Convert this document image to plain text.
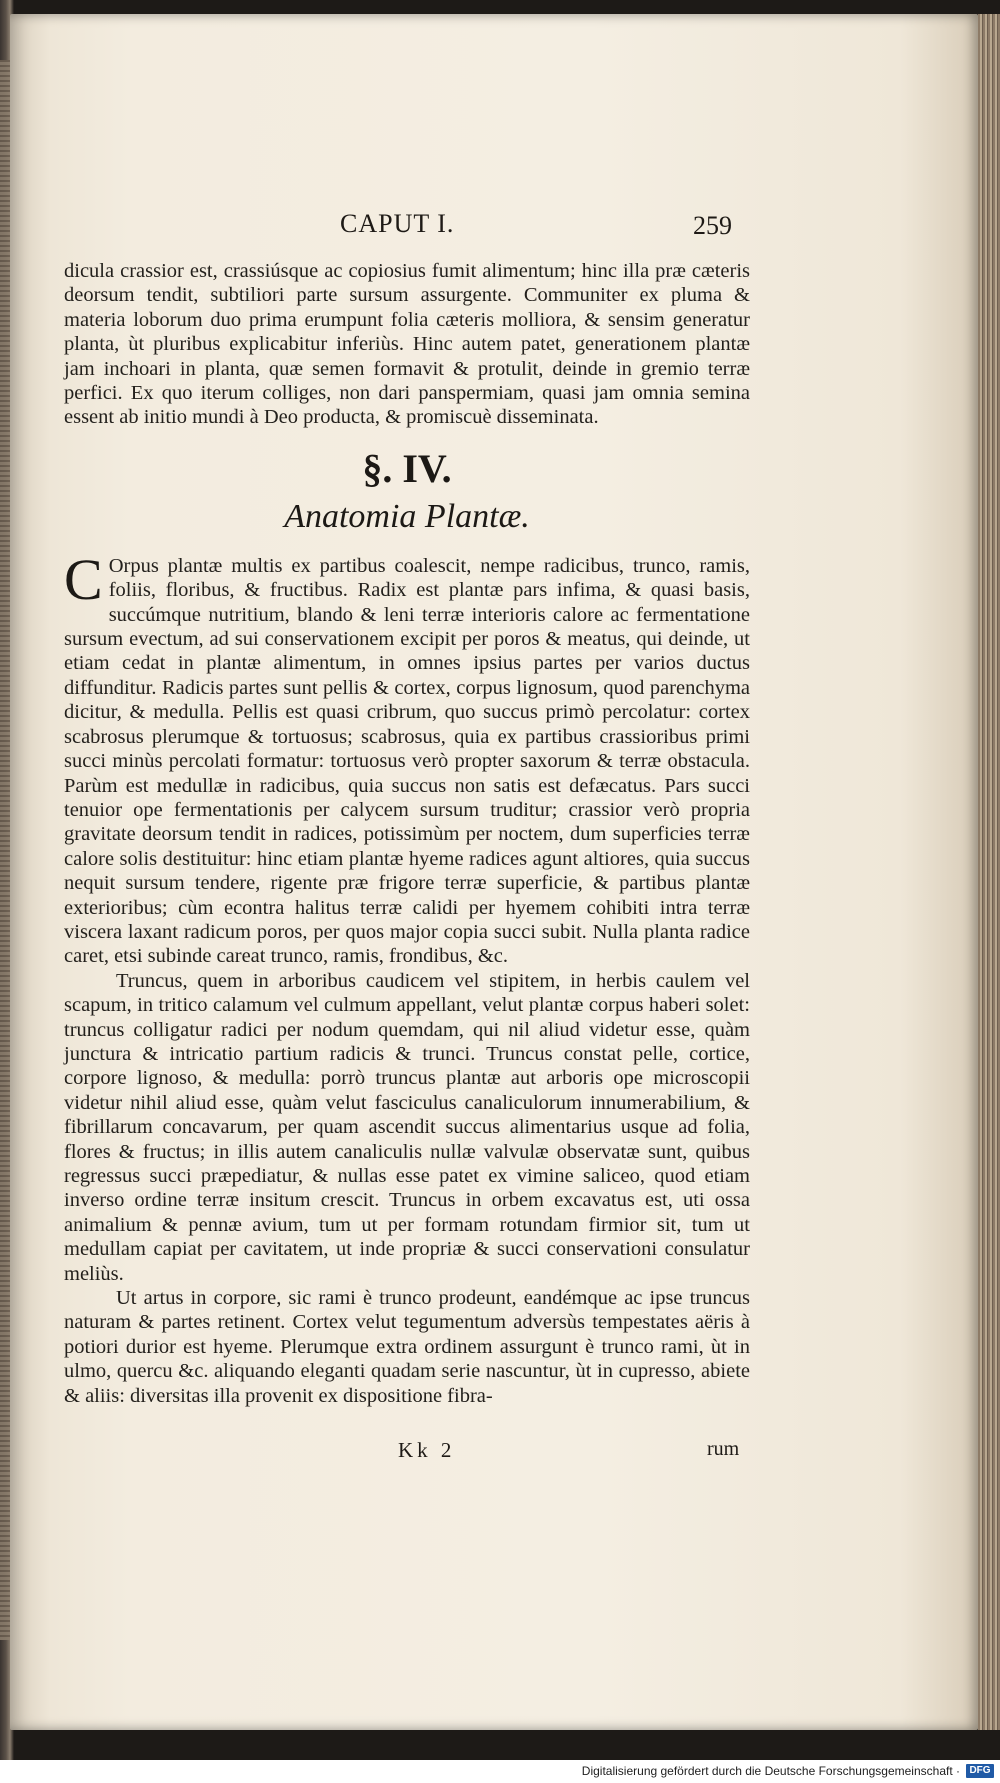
CAPUT I.	259

dicula crassior est, crassiúsque ac copiosius fumit alimentum; hinc illa præ cæteris deorsum tendit, subtiliori parte sursum assurgente. Communiter ex pluma & materia loborum duo prima erumpunt folia cæteris molliora, & sensim generatur planta, ùt pluribus explicabitur inferiùs. Hinc autem patet, generationem plantæ jam inchoari in planta, quæ semen formavit & protulit, deinde in gremio terræ perfici. Ex quo iterum colliges, non dari panspermiam, quasi jam omnia semina essent ab initio mundi à Deo producta, & promiscuè disseminata.

§. IV.
Anatomia Plantæ.

C Orpus plantæ multis ex partibus coalescit, nempe radicibus, trunco, ramis, foliis, floribus, & fructibus. Radix est plantæ pars infima, & quasi basis, succúmque nutritium, blando & leni terræ interioris calore ac fermentatione sursum evectum, ad sui conservationem excipit per poros & meatus, qui deinde, ut etiam cedat in plantæ alimentum, in omnes ipsius partes per varios ductus diffunditur. Radicis partes sunt pellis & cortex, corpus lignosum, quod parenchyma dicitur, & medulla. Pellis est quasi cribrum, quo succus primò percolatur: cortex scabrosus plerumque & tortuosus; scabrosus, quia ex partibus crassioribus primi succi minùs percolati formatur: tortuosus verò propter saxorum & terræ obstacula. Parùm est medullæ in radicibus, quia succus non satis est defæcatus. Pars succi tenuior ope fermentationis per calycem sursum truditur; crassior verò propria gravitate deorsum tendit in radices, potissimùm per noctem, dum superficies terræ calore solis destituitur: hinc etiam plantæ hyeme radices agunt altiores, quia succus nequit sursum tendere, rigente præ frigore terræ superficie, & partibus plantæ exterioribus; cùm econtra halitus terræ calidi per hyemem cohibiti intra terræ viscera laxant radicum poros, per quos major copia succi subit. Nulla planta radice caret, etsi subinde careat trunco, ramis, frondibus, &c.

Truncus, quem in arboribus caudicem vel stipitem, in herbis caulem vel scapum, in tritico calamum vel culmum appellant, velut plantæ corpus haberi solet: truncus colligatur radici per nodum quemdam, qui nil aliud videtur esse, quàm junctura & intricatio partium radicis & trunci. Truncus constat pelle, cortice, corpore lignoso, & medulla: porrò truncus plantæ aut arboris ope microscopii videtur nihil aliud esse, quàm velut fasciculus canaliculorum innumerabilium, & fibrillarum concavarum, per quam ascendit succus alimentarius usque ad folia, flores & fructus; in illis autem canaliculis nullæ valvulæ observatæ sunt, quibus regressus succi præpediatur, & nullas esse patet ex vimine saliceo, quod etiam inverso ordine terræ insitum crescit. Truncus in orbem excavatus est, uti ossa animalium & pennæ avium, tum ut per formam rotundam firmior sit, tum ut medullam capiat per cavitatem, ut inde propriæ & succi conservationi consulatur meliùs.

Ut artus in corpore, sic rami è trunco prodeunt, eandémque ac ipse truncus naturam & partes retinent. Cortex velut tegumentum adversùs tempestates aëris à potiori durior est hyeme. Plerumque extra ordinem assurgunt è trunco rami, ùt in ulmo, quercu &c. aliquando eleganti quadam serie nascuntur, ùt in cupresso, abiete & aliis: diversitas illa provenit ex dispositione fibra-

Kk 2	rum
Digitalisierung gefördert durch die Deutsche Forschungsgemeinschaft · DFG
